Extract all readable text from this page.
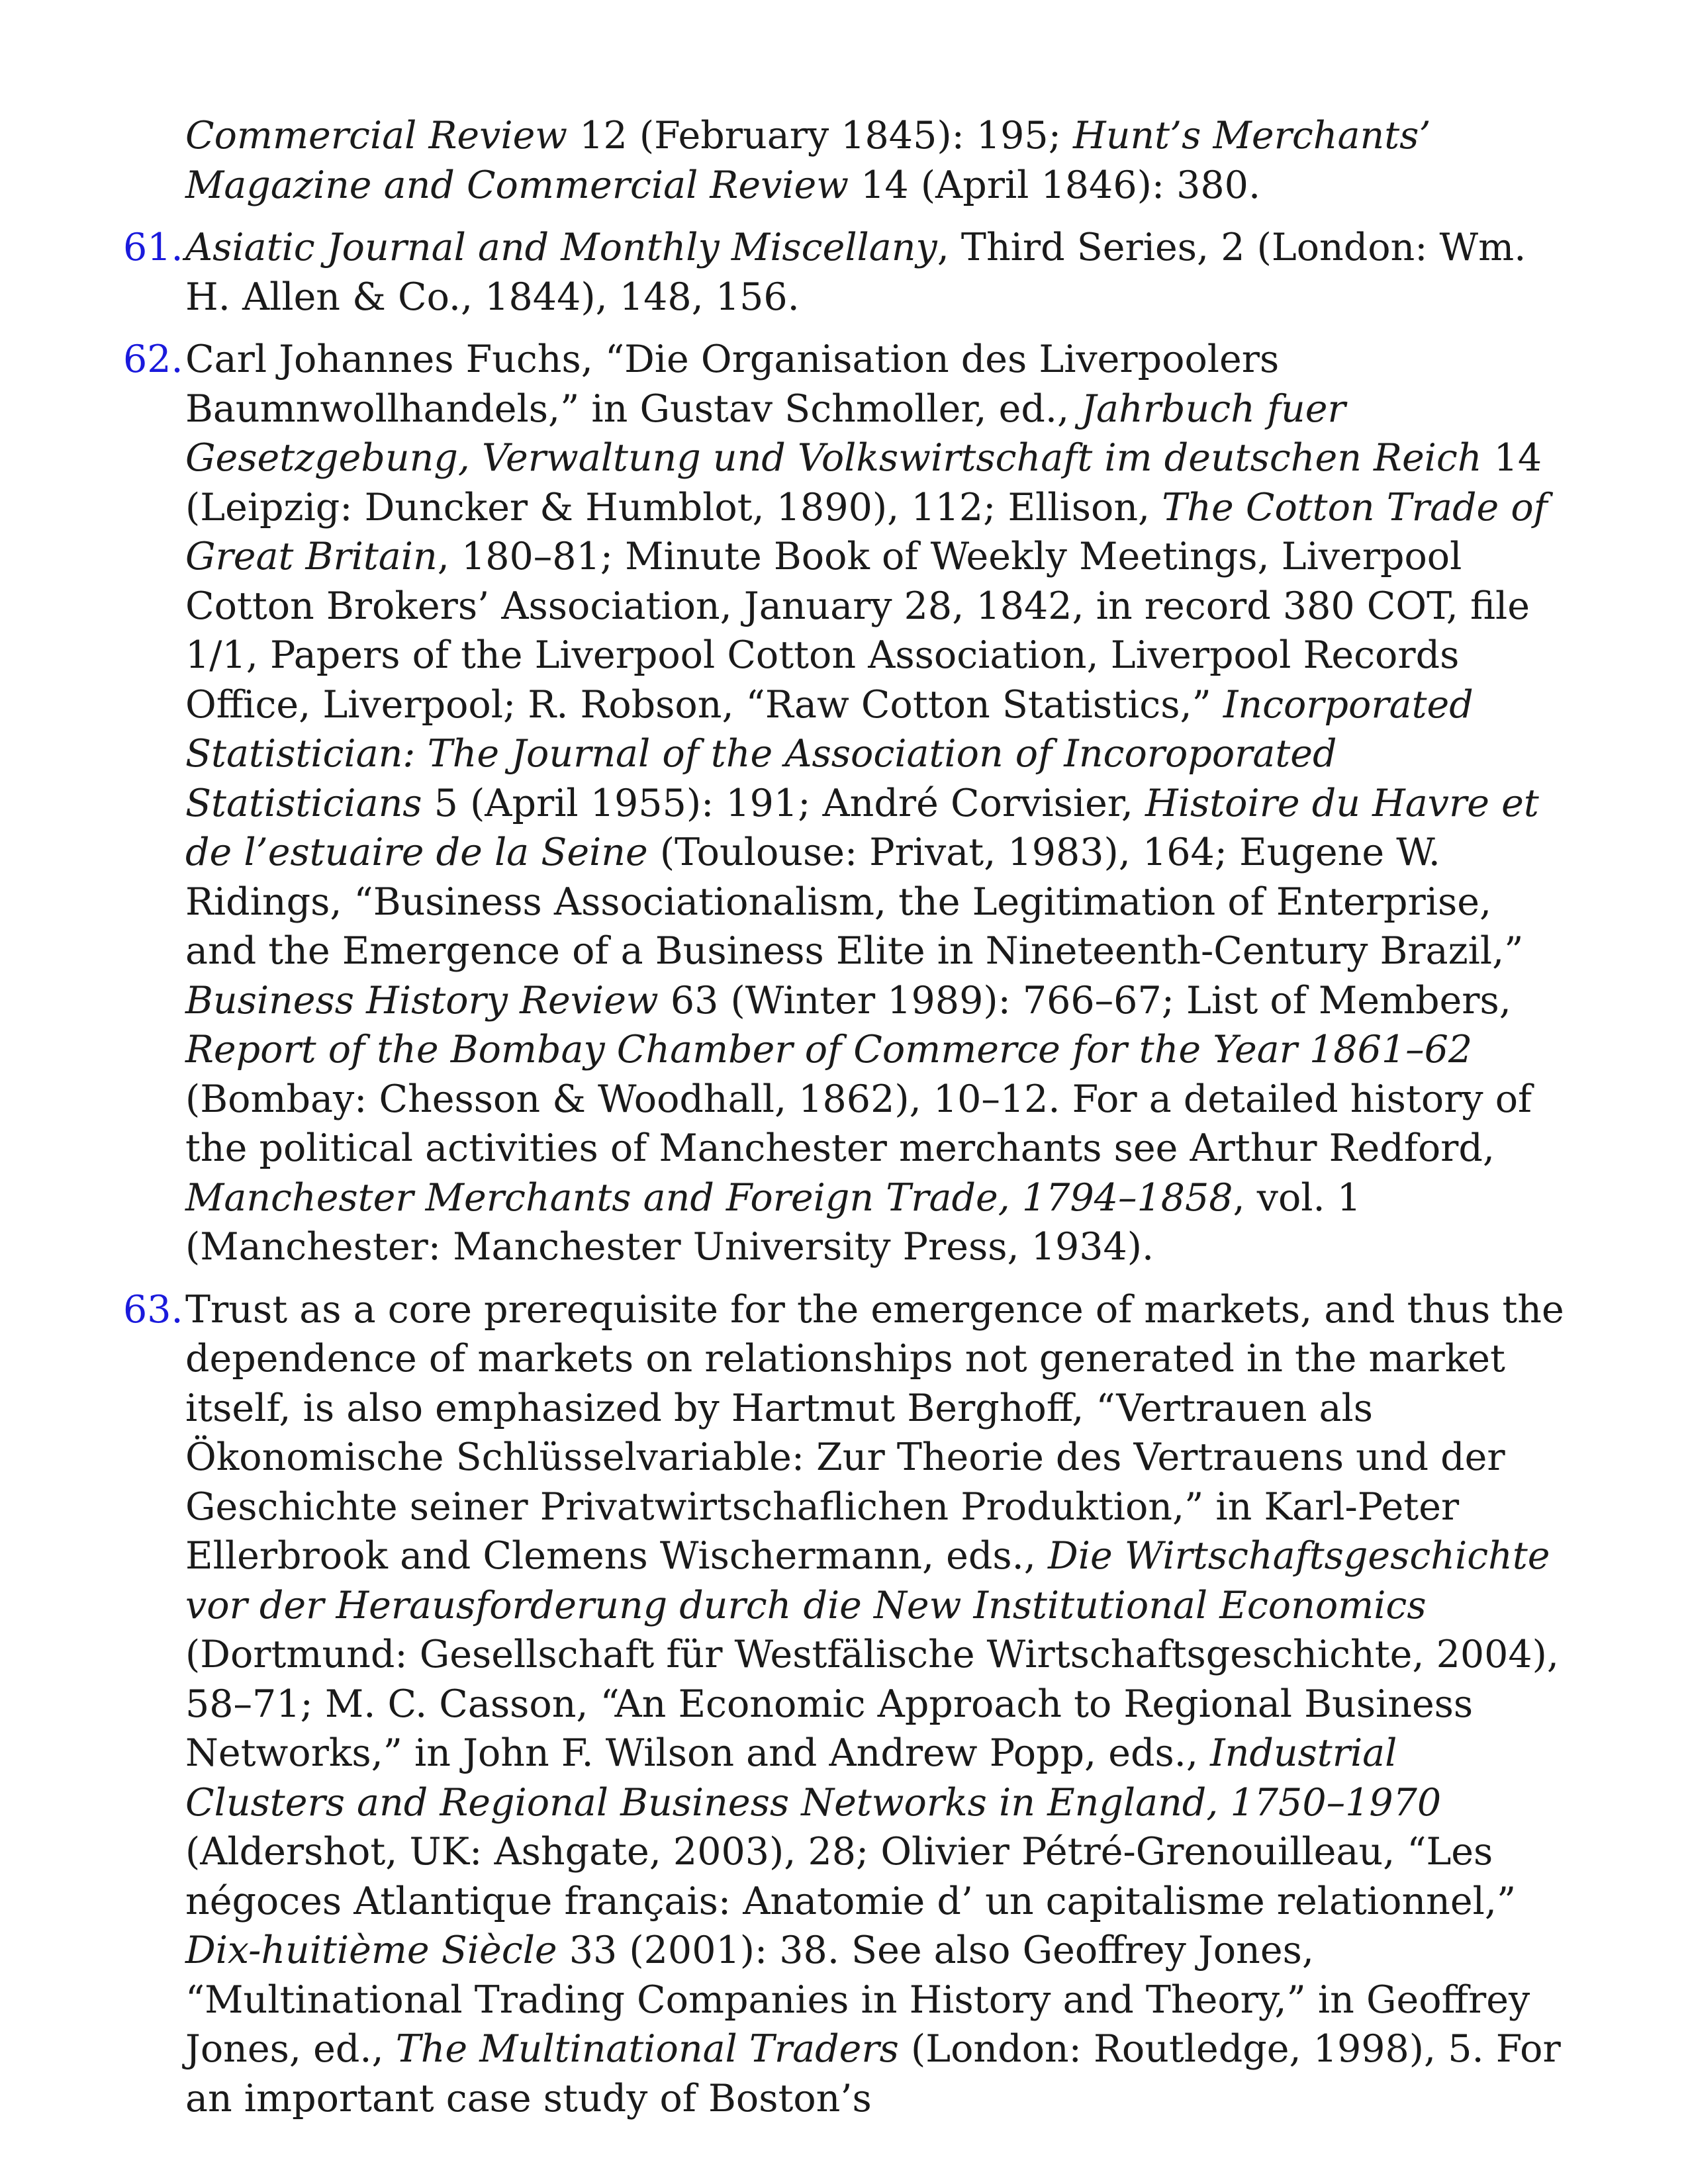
Commercial Review 12 (February 1845): 195; Hunt’s Merchants’ Magazine and Commercial Review 14 (April 1846): 380.

61. Asiatic Journal and Monthly Miscellany, Third Series, 2 (London: Wm. H. Allen & Co., 1844), 148, 156.

62. Carl Johannes Fuchs, “Die Organisation des Liverpoolers Baumnwollhandels,” in Gustav Schmoller, ed., Jahrbuch fuer Gesetzgebung, Verwaltung und Volkswirtschaft im deutschen Reich 14 (Leipzig: Duncker & Humblot, 1890), 112; Ellison, The Cotton Trade of Great Britain, 180–81; Minute Book of Weekly Meetings, Liverpool Cotton Brokers’ Association, January 28, 1842, in record 380 COT, file 1/1, Papers of the Liverpool Cotton Association, Liverpool Records Office, Liverpool; R. Robson, “Raw Cotton Statistics,” Incorporated Statistician: The Journal of the Association of Incoroporated Statisticians 5 (April 1955): 191; André Corvisier, Histoire du Havre et de l’estuaire de la Seine (Toulouse: Privat, 1983), 164; Eugene W. Ridings, “Business Associationalism, the Legitimation of Enterprise, and the Emergence of a Business Elite in Nineteenth-Century Brazil,” Business History Review 63 (Winter 1989): 766–67; List of Members, Report of the Bombay Chamber of Commerce for the Year 1861–62 (Bombay: Chesson & Woodhall, 1862), 10–12. For a detailed history of the political activities of Manchester merchants see Arthur Redford, Manchester Merchants and Foreign Trade, 1794–1858, vol. 1 (Manchester: Manchester University Press, 1934).

63. Trust as a core prerequisite for the emergence of markets, and thus the dependence of markets on relationships not generated in the market itself, is also emphasized by Hartmut Berghoff, “Vertrauen als Ökonomische Schlüsselvariable: Zur Theorie des Vertrauens und der Geschichte seiner Privatwirtschaflichen Produktion,” in Karl-Peter Ellerbrook and Clemens Wischermann, eds., Die Wirtschaftsgeschichte vor der Herausforderung durch die New Institutional Economics (Dortmund: Gesellschaft für Westfälische Wirtschaftsgeschichte, 2004), 58–71; M. C. Casson, “An Economic Approach to Regional Business Networks,” in John F. Wilson and Andrew Popp, eds., Industrial Clusters and Regional Business Networks in England, 1750–1970 (Aldershot, UK: Ashgate, 2003), 28; Olivier Pétré-Grenouilleau, “Les négoces Atlantique français: Anatomie d’ un capitalisme relationnel,” Dix-huitième Siècle 33 (2001): 38. See also Geoffrey Jones, “Multinational Trading Companies in History and Theory,” in Geoffrey Jones, ed., The Multinational Traders (London: Routledge, 1998), 5. For an important case study of Boston’s
